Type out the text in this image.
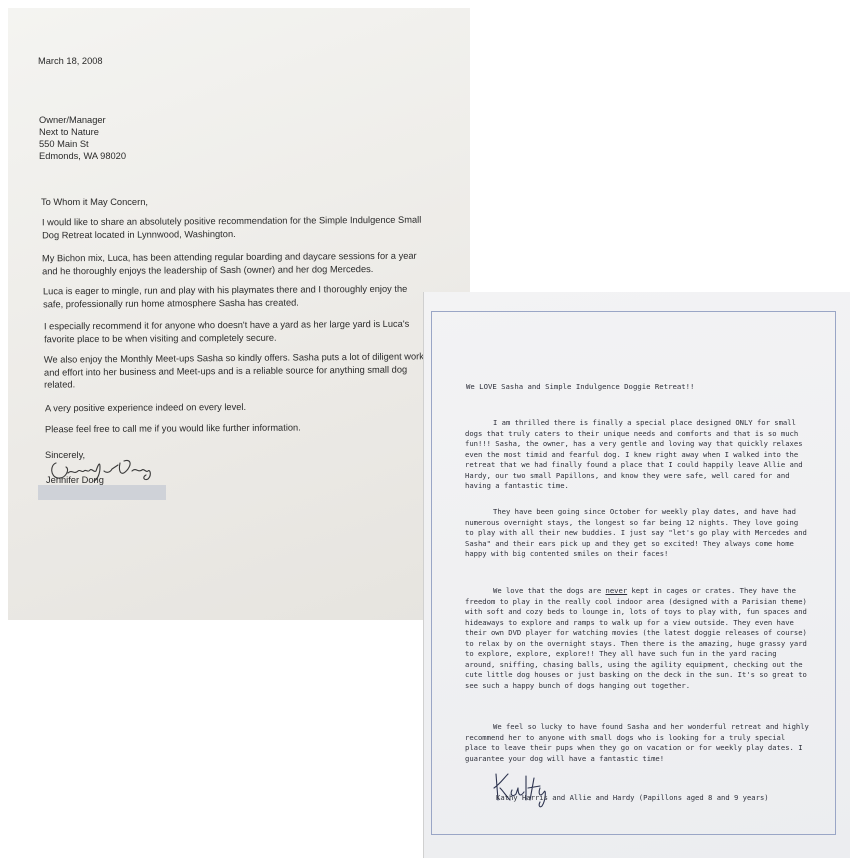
March 18, 2008
Owner/Manager
Next to Nature
550 Main St
Edmonds, WA 98020
To Whom it May Concern,
I would like to share an absolutely positive recommendation for the Simple Indulgence Small Dog Retreat located in Lynnwood, Washington.
My Bichon mix, Luca, has been attending regular boarding and daycare sessions for a year and he thoroughly enjoys the leadership of Sash (owner) and her dog Mercedes.
Luca is eager to mingle, run and play with his playmates there and I thoroughly enjoy the safe, professionally run home atmosphere Sasha has created.
I especially recommend it for anyone who doesn't have a yard as her large yard is Luca's favorite place to be when visiting and completely secure.
We also enjoy the Monthly Meet-ups Sasha so kindly offers. Sasha puts a lot of diligent work and effort into her business and Meet-ups and is a reliable source for anything small dog related.
A very positive experience indeed on every level.
Please feel free to call me if you would like further information.
Sincerely,
Jennifer Dong
We LOVE Sasha and Simple Indulgence Doggie Retreat!!
I am thrilled there is finally a special place designed ONLY for small dogs that truly caters to their unique needs and comforts and that is so much fun!!! Sasha, the owner, has a very gentle and loving way that quickly relaxes even the most timid and fearful dog. I knew right away when I walked into the retreat that we had finally found a place that I could happily leave Allie and Hardy, our two small Papillons, and know they were safe, well cared for and having a fantastic time.
They have been going since October for weekly play dates, and have had numerous overnight stays, the longest so far being 12 nights. They love going to play with all their new buddies. I just say "let's go play with Mercedes and Sasha" and their ears pick up and they get so excited! They always come home happy with big contented smiles on their faces!
We love that the dogs are never kept in cages or crates. They have the freedom to play in the really cool indoor area (designed with a Parisian theme) with soft and cozy beds to lounge in, lots of toys to play with, fun spaces and hideaways to explore and ramps to walk up for a view outside. They even have their own DVD player for watching movies (the latest doggie releases of course) to relax by on the overnight stays. Then there is the amazing, huge grassy yard to explore, explore, explore!! They all have such fun in the yard racing around, sniffing, chasing balls, using the agility equipment, checking out the cute little dog houses or just basking on the deck in the sun. It's so great to see such a happy bunch of dogs hanging out together.
We feel so lucky to have found Sasha and her wonderful retreat and highly recommend her to anyone with small dogs who is looking for a truly special place to leave their pups when they go on vacation or for weekly play dates. I guarantee your dog will have a fantastic time!
Kathy Harris and Allie and Hardy (Papillons aged 8 and 9 years)
